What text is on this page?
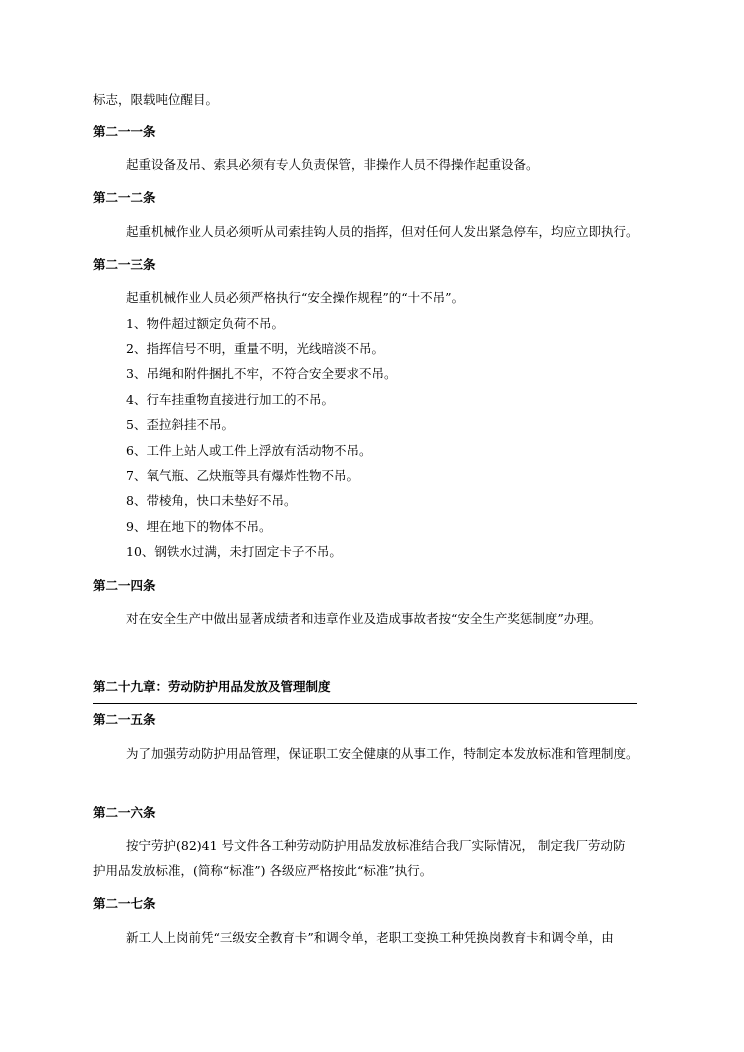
标志，限载吨位醒目。
第二一一条
起重设备及吊、索具必须有专人负责保管，非操作人员不得操作起重设备。
第二一二条
起重机械作业人员必须听从司索挂钩人员的指挥，但对任何人发出紧急停车，均应立即执行。
第二一三条
起重机械作业人员必须严格执行“安全操作规程”的“十不吊”。
1、物件超过额定负荷不吊。
2、指挥信号不明，重量不明，光线暗淡不吊。
3、吊绳和附件捆扎不牢，不符合安全要求不吊。
4、行车挂重物直接进行加工的不吊。
5、歪拉斜挂不吊。
6、工件上站人或工件上浮放有活动物不吊。
7、氧气瓶、乙炔瓶等具有爆炸性物不吊。
8、带棱角，快口未垫好不吊。
9、埋在地下的物体不吊。
10、钢铁水过满，未打固定卡子不吊。
第二一四条
对在安全生产中做出显著成绩者和违章作业及造成事故者按“安全生产奖惩制度”办理。
第二十九章：劳动防护用品发放及管理制度
第二一五条
为了加强劳动防护用品管理，保证职工安全健康的从事工作，特制定本发放标准和管理制度。
第二一六条
按宁劳护(82)41 号文件各工种劳动防护用品发放标准结合我厂实际情况， 制定我厂劳动防
护用品发放标准，(简称“标准”) 各级应严格按此“标准”执行。
第二一七条
新工人上岗前凭“三级安全教育卡”和调令单，老职工变换工种凭换岗教育卡和调令单，由
